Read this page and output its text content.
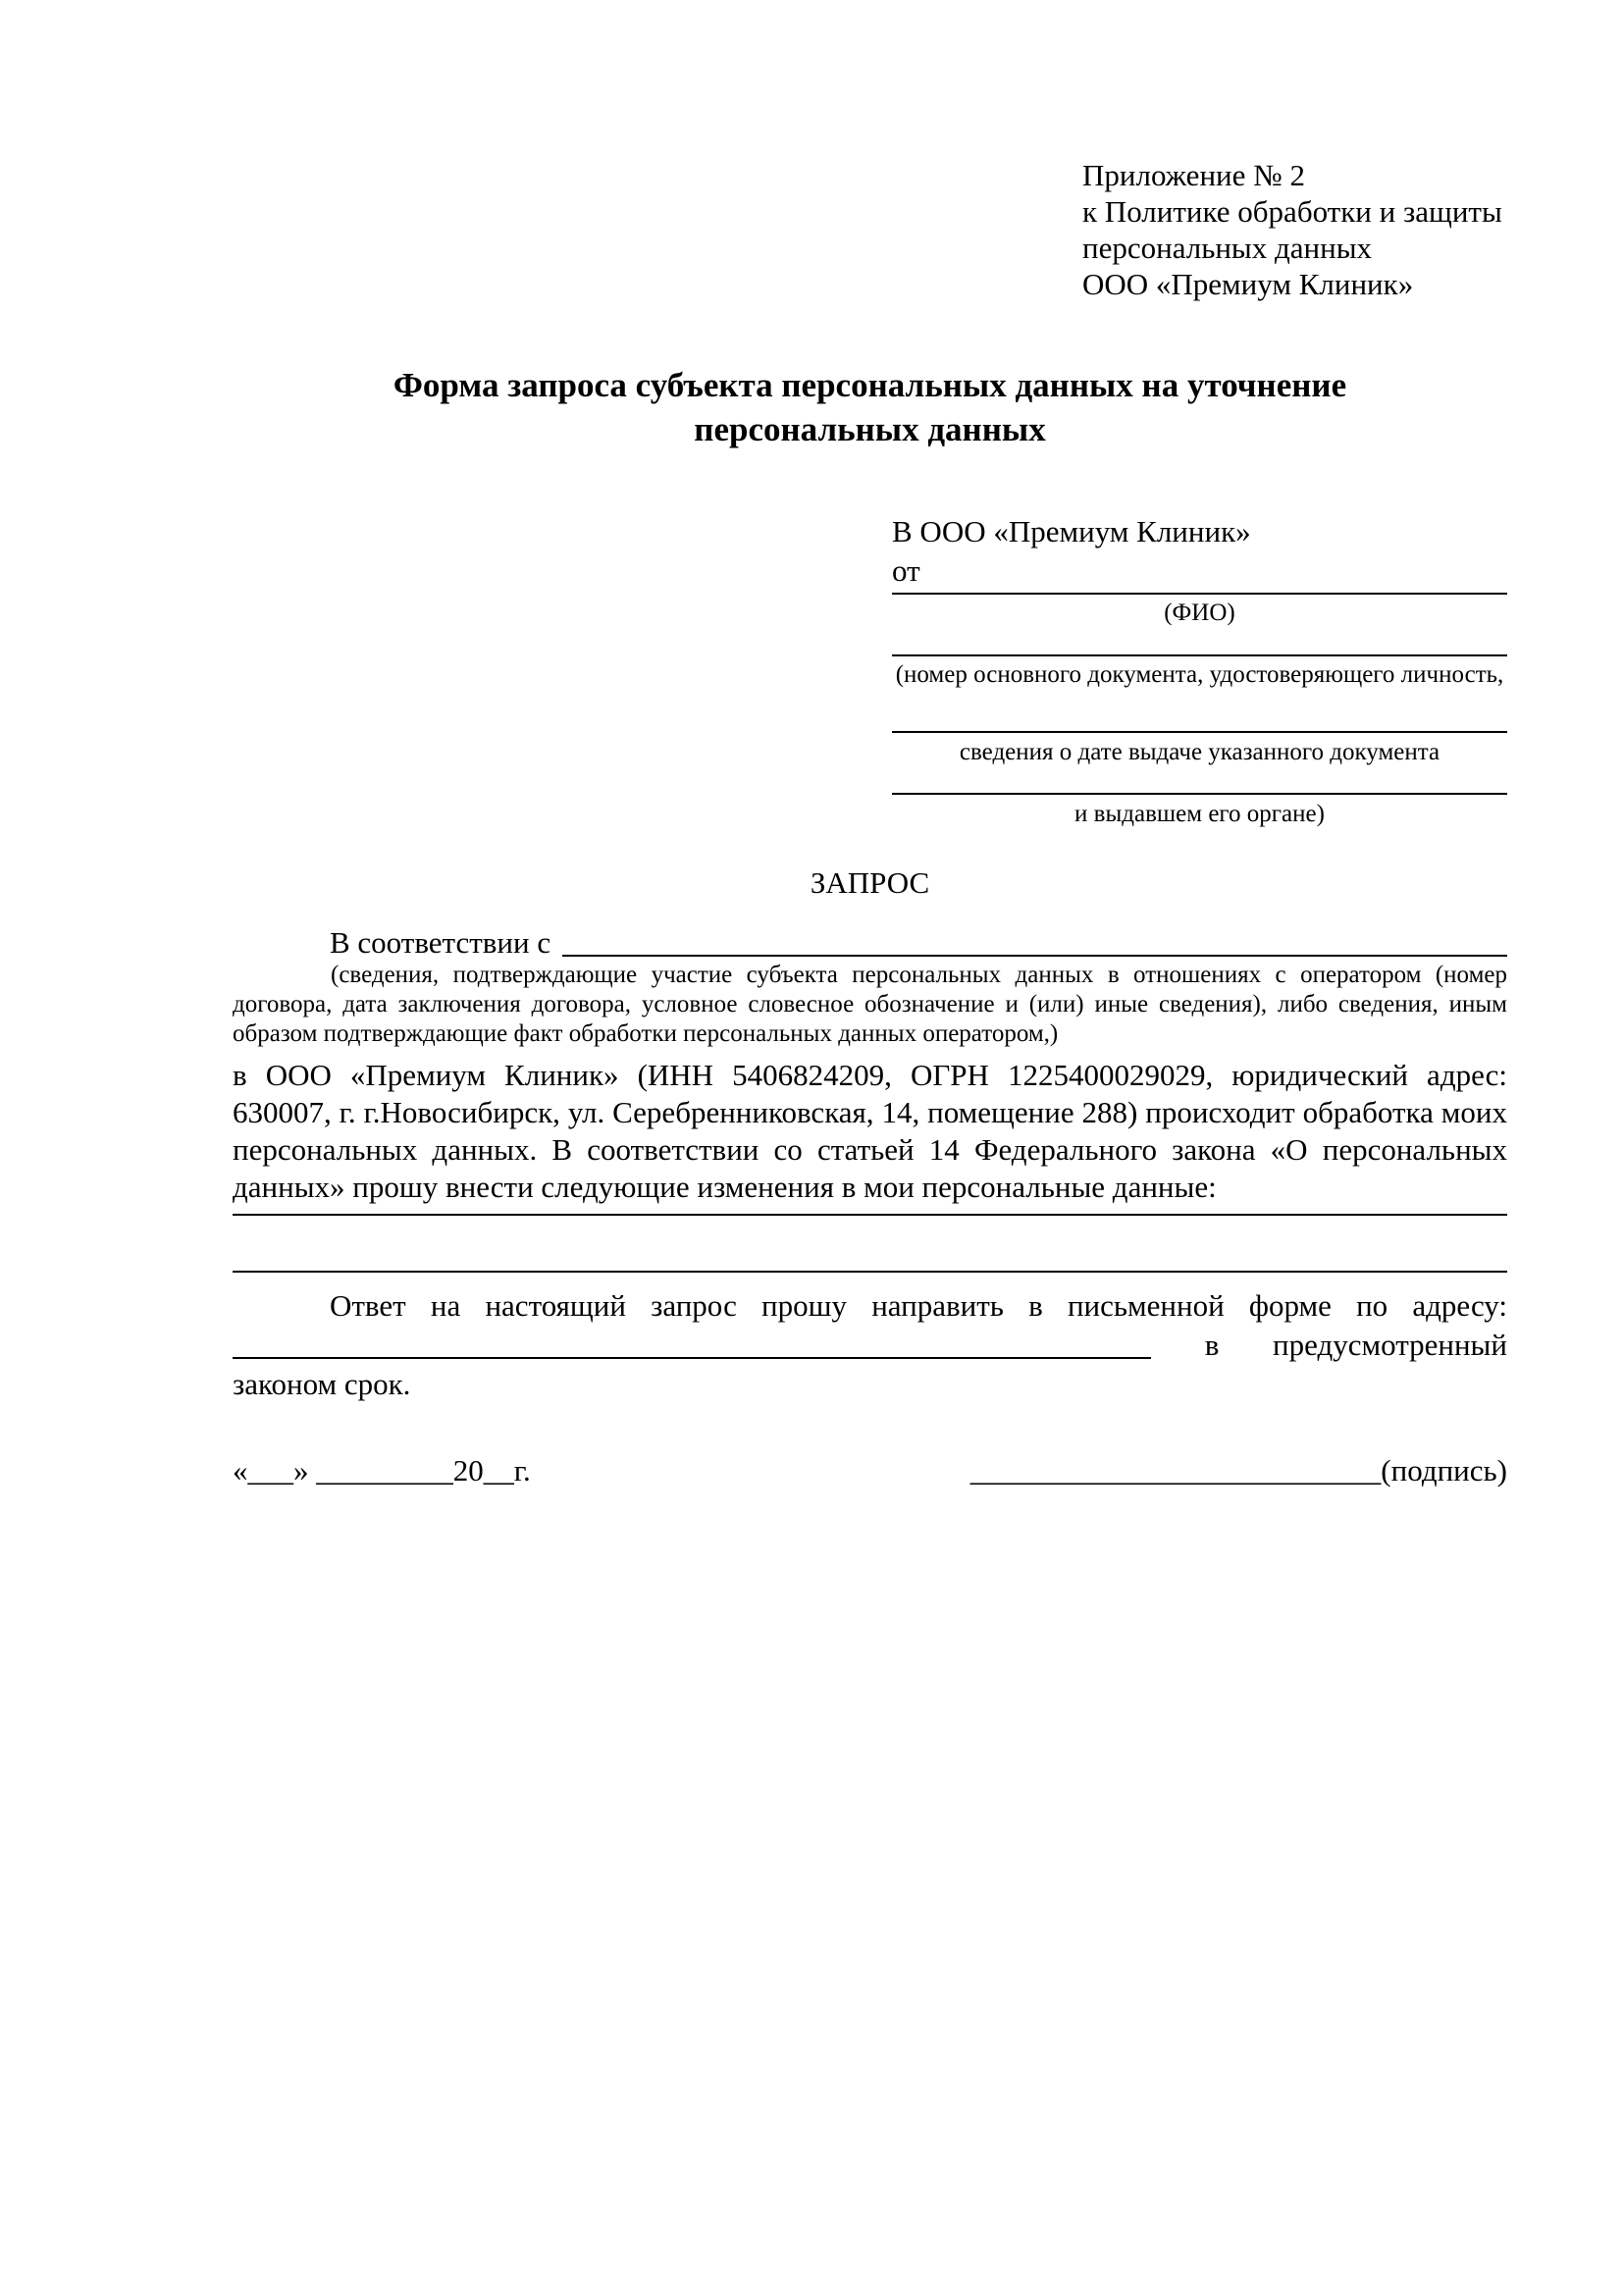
Приложение № 2
к Политике обработки и защиты
персональных данных
ООО «Премиум Клиник»
Форма запроса субъекта персональных данных на уточнение персональных данных
В ООО «Премиум Клиник»
от
(ФИО)
(номер основного документа, удостоверяющего личность,
сведения о дате выдаче указанного документа
и выдавшем его органе)
ЗАПРОС
В соответствии с
(сведения, подтверждающие участие субъекта персональных данных в отношениях с оператором (номер договора, дата заключения договора, условное словесное обозначение и (или) иные сведения), либо сведения, иным образом подтверждающие факт обработки персональных данных оператором,)
в ООО «Премиум Клиник» (ИНН 5406824209, ОГРН 1225400029029, юридический адрес: 630007, г. г.Новосибирск, ул. Серебренниковская, 14, помещение 288) происходит обработка моих персональных данных. В соответствии со статьей 14 Федерального закона «О персональных данных» прошу внести следующие изменения в мои персональные данные:
Ответ на настоящий запрос прошу направить в письменной форме по адресу:
в предусмотренный
законом срок.
«___» _________20__г.	___________________________(подпись)
